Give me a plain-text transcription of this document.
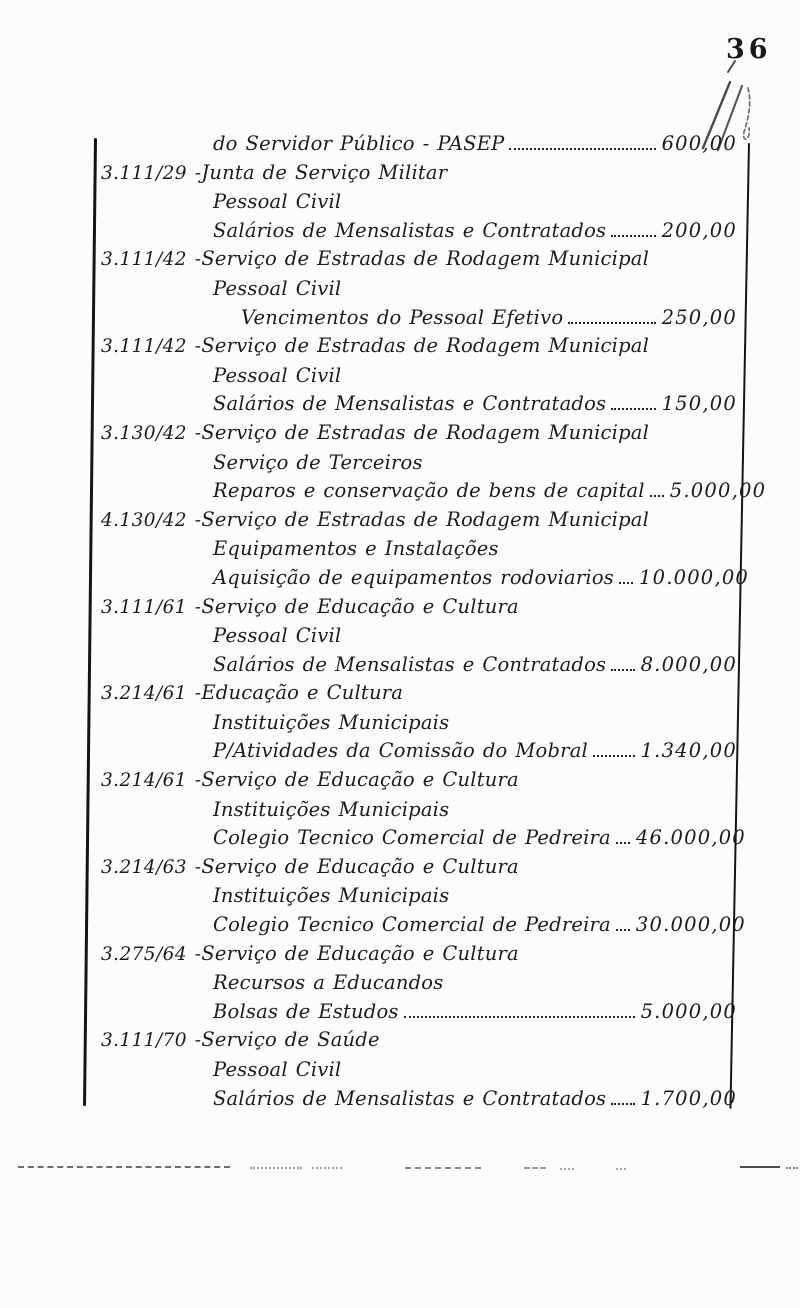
36
do Servidor Público - PASEP	600,00
3.111/29 - Junta de Serviço Militar
Pessoal Civil
Salários de Mensalistas e Contratados	200,00
3.111/42 - Serviço de Estradas de Rodagem Municipal
Pessoal Civil
Vencimentos do Pessoal Efetivo	250,00
3.111/42 - Serviço de Estradas de Rodagem Municipal
Pessoal Civil
Salários de Mensalistas e Contratados	150,00
3.130/42 - Serviço de Estradas de Rodagem Municipal
Serviço de Terceiros
Reparos e conservação de bens de capital 5.000,00
4.130/42 - Serviço de Estradas de Rodagem Municipal
Equipamentos e Instalações
Aquisição de equipamentos rodoviarios 10.000,00
3.111/61 - Serviço de Educação e Cultura
Pessoal Civil
Salários de Mensalistas e Contratados 8.000,00
3.214/61 - Educação e Cultura
Instituições Municipais
P/Atividades da Comissão do Mobral	1.340,00
3.214/61 - Serviço de Educação e Cultura
Instituições Municipais
Colegio Tecnico Comercial de Pedreira 46.000,00
3.214/63 - Serviço de Educação e Cultura
Instituições Municipais
Colegio Tecnico Comercial de Pedreira 30.000,00
3.275/64 - Serviço de Educação e Cultura
Recursos a Educandos
Bolsas de Estudos	5.000,00
3.111/70 - Serviço de Saúde
Pessoal Civil
Salários de Mensalistas e Contratados 1.700,00
